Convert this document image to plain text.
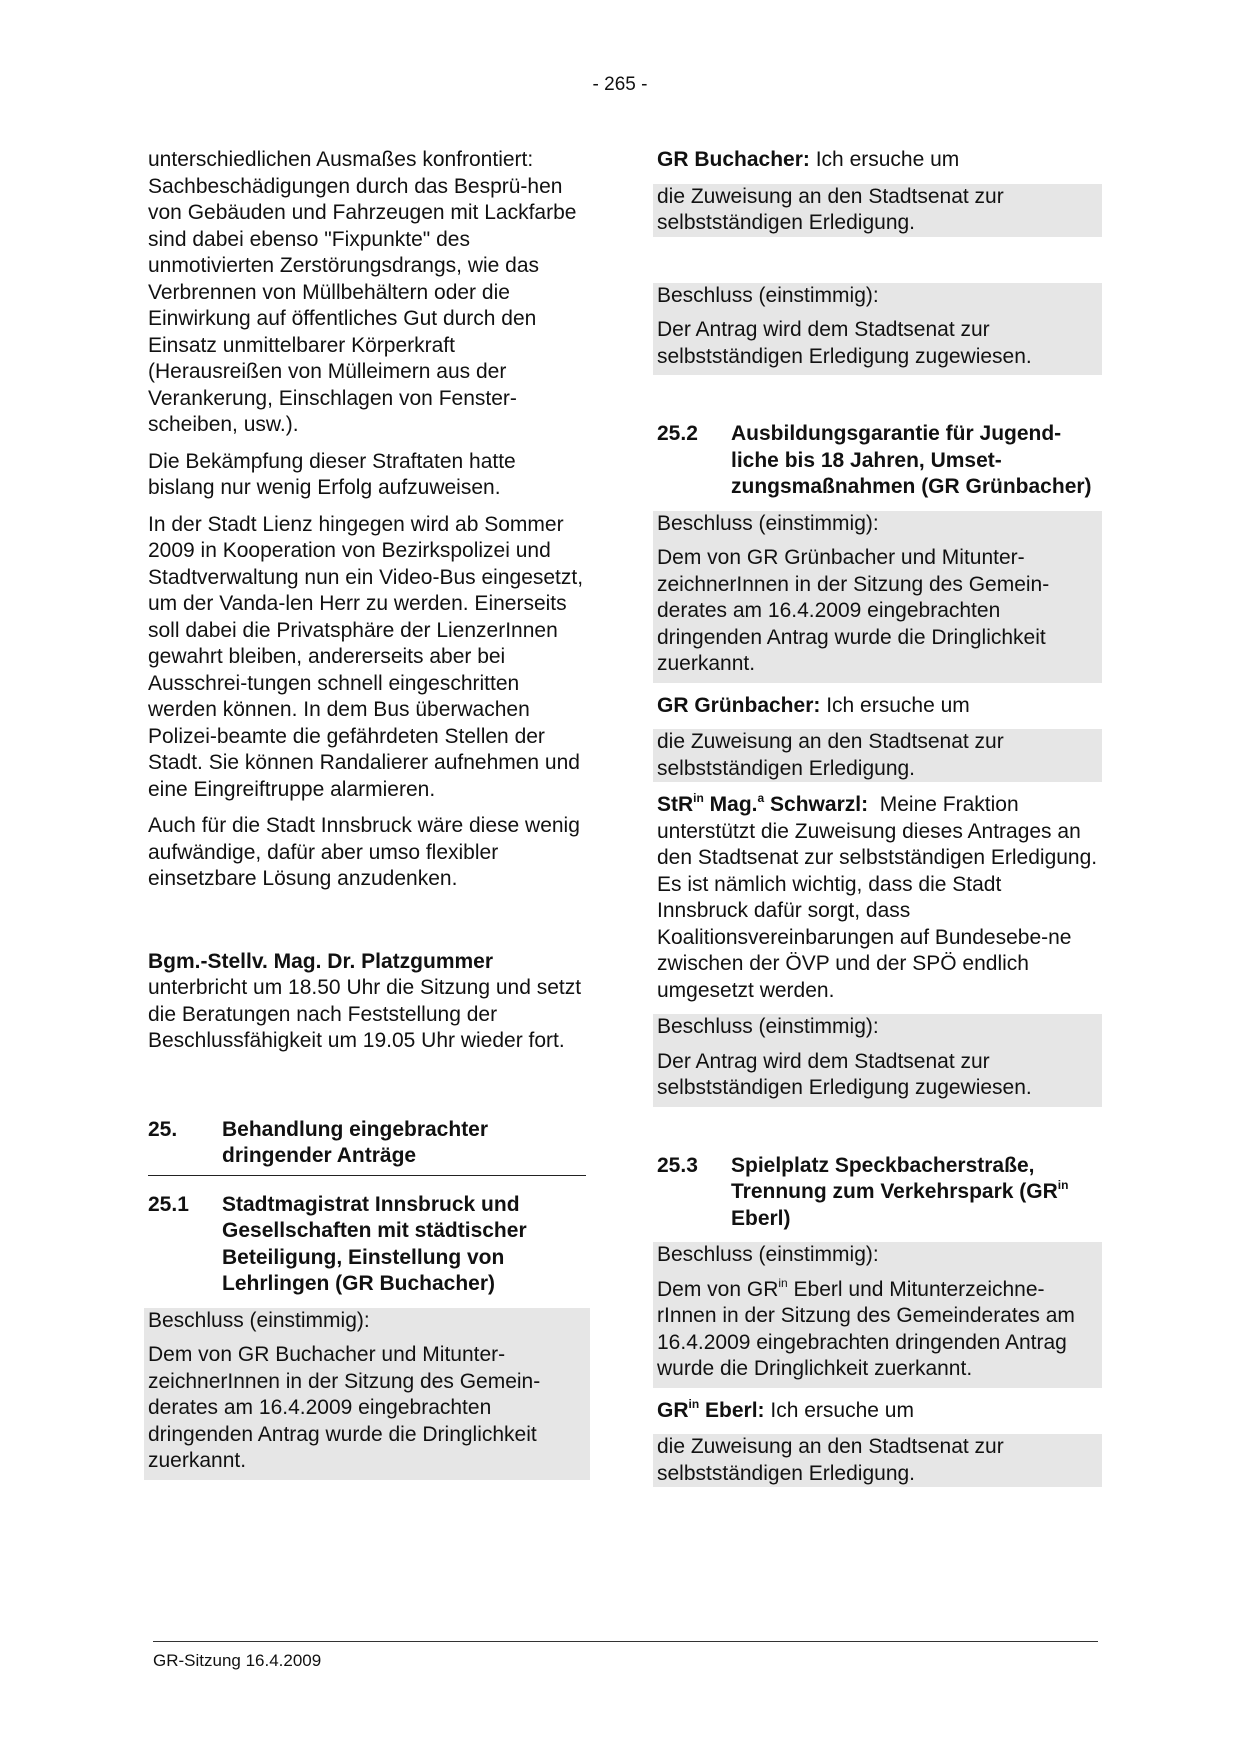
- 265 -

unterschiedlichen Ausmaßes konfrontiert: Sachbeschädigungen durch das Besprü-hen von Gebäuden und Fahrzeugen mit Lackfarbe sind dabei ebenso "Fixpunkte" des unmotivierten Zerstörungsdrangs, wie das Verbrennen von Müllbehältern oder die Einwirkung auf öffentliches Gut durch den Einsatz unmittelbarer Körperkraft (Herausreißen von Mülleimern aus der Verankerung, Einschlagen von Fenster-scheiben, usw.).

Die Bekämpfung dieser Straftaten hatte bislang nur wenig Erfolg aufzuweisen.

In der Stadt Lienz hingegen wird ab Sommer 2009 in Kooperation von Bezirkspolizei und Stadtverwaltung nun ein Video-Bus eingesetzt, um der Vanda-len Herr zu werden. Einerseits soll dabei die Privatsphäre der LienzerInnen gewahrt bleiben, andererseits aber bei Ausschrei-tungen schnell eingeschritten werden können. In dem Bus überwachen Polizei-beamte die gefährdeten Stellen der Stadt. Sie können Randalierer aufnehmen und eine Eingreiftruppe alarmieren.

Auch für die Stadt Innsbruck wäre diese wenig aufwändige, dafür aber umso flexibler einsetzbare Lösung anzudenken.

Bgm.-Stellv. Mag. Dr. Platzgummer
unterbricht um 18.50 Uhr die Sitzung und setzt die Beratungen nach Feststellung der Beschlussfähigkeit um 19.05 Uhr wieder fort.

25.	Behandlung eingebrachter dringender Anträge
25.1	Stadtmagistrat Innsbruck und Gesellschaften mit städtischer Beteiligung, Einstellung von Lehrlingen (GR Buchacher)

Beschluss (einstimmig):

Dem von GR Buchacher und Mitunter-zeichnerInnen in der Sitzung des Gemein-derates am 16.4.2009 eingebrachten dringenden Antrag wurde die Dringlichkeit zuerkannt.

GR Buchacher: Ich ersuche um

die Zuweisung an den Stadtsenat zur selbstständigen Erledigung.

Beschluss (einstimmig):

Der Antrag wird dem Stadtsenat zur selbstständigen Erledigung zugewiesen.

25.2	Ausbildungsgarantie für Jugend-liche bis 18 Jahren, Umset-zungsmaßnahmen (GR Grünbacher)

Beschluss (einstimmig):

Dem von GR Grünbacher und Mitunter-zeichnerInnen in der Sitzung des Gemein-derates am 16.4.2009 eingebrachten dringenden Antrag wurde die Dringlichkeit zuerkannt.

GR Grünbacher: Ich ersuche um

die Zuweisung an den Stadtsenat zur selbstständigen Erledigung.

StR$^{in}$ Mag.$^a$ Schwarzl: Meine Fraktion unterstützt die Zuweisung dieses Antrages an den Stadtsenat zur selbstständigen Erledigung. Es ist nämlich wichtig, dass die Stadt Innsbruck dafür sorgt, dass Koalitionsvereinbarungen auf Bundesebe-ne zwischen der ÖVP und der SPÖ endlich umgesetzt werden.

Beschluss (einstimmig):

Der Antrag wird dem Stadtsenat zur selbstständigen Erledigung zugewiesen.

25.3	Spielplatz Speckbacherstraße, Trennung zum Verkehrspark ($GR^{in}$ Eberl)

Beschluss (einstimmig):

Dem von $GR^{in}$ Eberl und Mitunterzeichne-rInnen in der Sitzung des Gemeinderates am 16.4.2009 eingebrachten dringenden Antrag wurde die Dringlichkeit zuerkannt.

$GR^{in}$ Eberl: Ich ersuche um

die Zuweisung an den Stadtsenat zur selbstständigen Erledigung.

GR-Sitzung 16.4.2009
